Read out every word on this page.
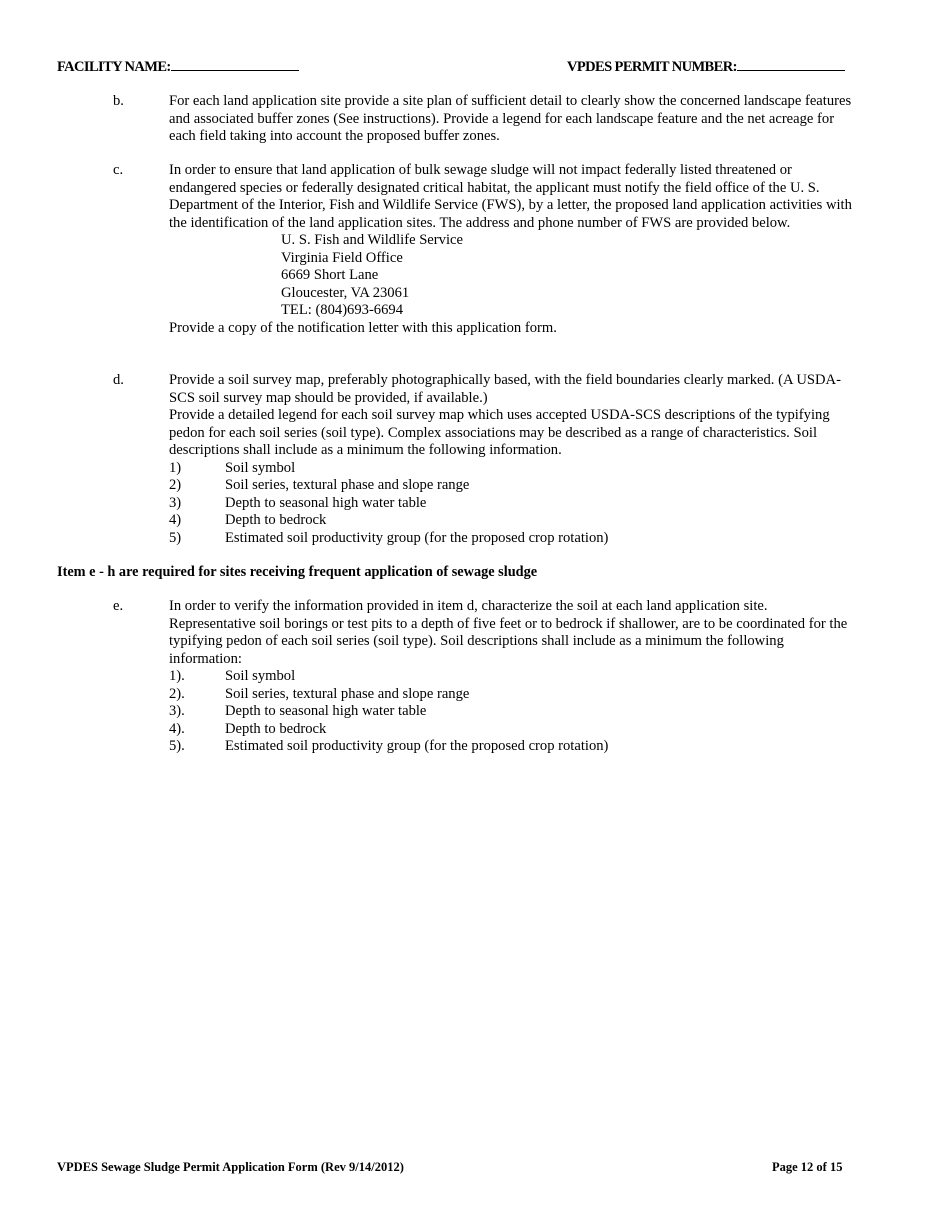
FACILITY NAME:	VPDES PERMIT NUMBER:
b.	For each land application site provide a site plan of sufficient detail to clearly show the concerned landscape features and associated buffer zones (See instructions). Provide a legend for each landscape feature and the net acreage for each field taking into account the proposed buffer zones.
c.	In order to ensure that land application of bulk sewage sludge will not impact federally listed threatened or endangered species or federally designated critical habitat, the applicant must notify the field office of the U. S. Department of the Interior, Fish and Wildlife Service (FWS), by a letter, the proposed land application activities with the identification of the land application sites. The address and phone number of FWS are provided below.
U. S. Fish and Wildlife Service
Virginia Field Office
6669 Short Lane
Gloucester, VA 23061
TEL: (804)693-6694
Provide a copy of the notification letter with this application form.
d.	Provide a soil survey map, preferably photographically based, with the field boundaries clearly marked. (A USDA-SCS soil survey map should be provided, if available.)
Provide a detailed legend for each soil survey map which uses accepted USDA-SCS descriptions of the typifying pedon for each soil series (soil type). Complex associations may be described as a range of characteristics. Soil descriptions shall include as a minimum the following information.
1)	Soil symbol
2)	Soil series, textural phase and slope range
3)	Depth to seasonal high water table
4)	Depth to bedrock
5)	Estimated soil productivity group (for the proposed crop rotation)
Item e - h are required for sites receiving frequent application of sewage sludge
e.	In order to verify the information provided in item d, characterize the soil at each land application site. Representative soil borings or test pits to a depth of five feet or to bedrock if shallower, are to be coordinated for the typifying pedon of each soil series (soil type). Soil descriptions shall include as a minimum the following information:
1).	Soil symbol
2).	Soil series, textural phase and slope range
3).	Depth to seasonal high water table
4).	Depth to bedrock
5).	Estimated soil productivity group (for the proposed crop rotation)
VPDES Sewage Sludge Permit Application Form (Rev 9/14/2012)	Page 12 of 15
